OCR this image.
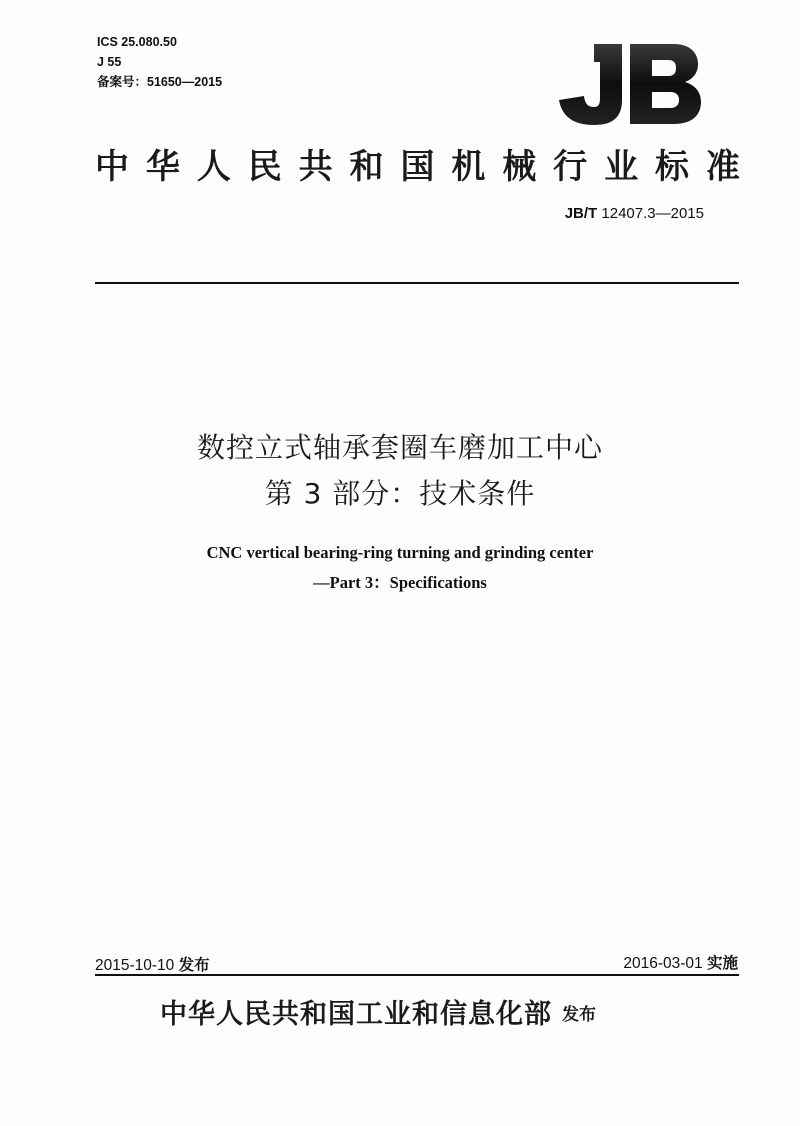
ICS 25.080.50
J 55
备案号：51650—2015
中 华 人 民 共 和 国 机 械 行 业 标 准
JB/T 12407.3—2015
数控立式轴承套圈车磨加工中心
第 3 部分：技术条件
CNC vertical bearing-ring turning and grinding center
—Part 3：Specifications
2015-10-10 发布	2016-03-01 实施
中华人民共和国工业和信息化部 发布
